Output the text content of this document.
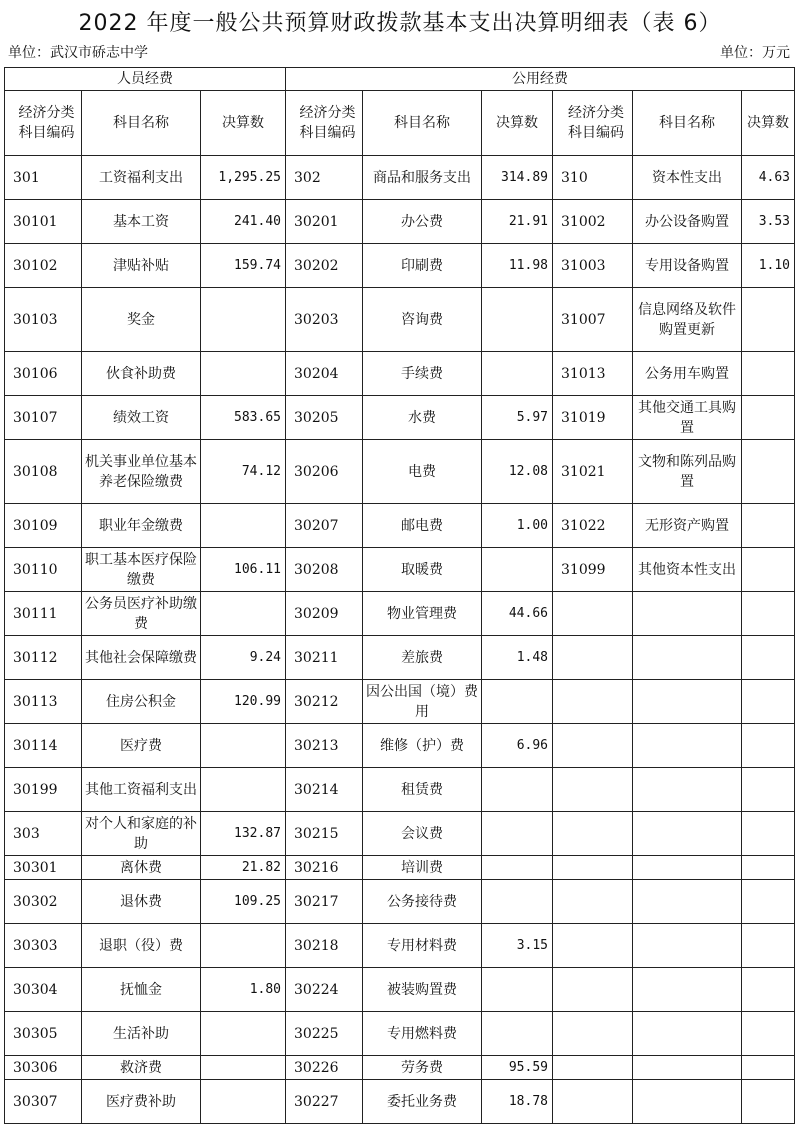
2022 年度一般公共预算财政拨款基本支出决算明细表（表 6）
单位：武汉市硚志中学	单位：万元
人员经费			公用经费					
经济分类科目编码	科目名称	决算数	经济分类科目编码	科目名称	决算数	经济分类科目编码	科目名称	决算数
301	工资福利支出	1,295.25	302	商品和服务支出	314.89	310	资本性支出	4.63
30101	基本工资	241.40	30201	办公费	21.91	31002	办公设备购置	3.53
30102	津贴补贴	159.74	30202	印刷费	11.98	31003	专用设备购置	1.10
30103	奖金		30203	咨询费		31007	信息网络及软件购置更新	
30106	伙食补助费		30204	手续费		31013	公务用车购置	
30107	绩效工资	583.65	30205	水费	5.97	31019	其他交通工具购置	
30108	机关事业单位基本养老保险缴费	74.12	30206	电费	12.08	31021	文物和陈列品购置	
30109	职业年金缴费		30207	邮电费	1.00	31022	无形资产购置	
30110	职工基本医疗保险缴费	106.11	30208	取暖费		31099	其他资本性支出	
30111	公务员医疗补助缴费		30209	物业管理费	44.66			
30112	其他社会保障缴费	9.24	30211	差旅费	1.48			
30113	住房公积金	120.99	30212	因公出国（境）费用				
30114	医疗费		30213	维修（护）费	6.96			
30199	其他工资福利支出		30214	租赁费				
303	对个人和家庭的补助	132.87	30215	会议费				
30301	离休费	21.82	30216	培训费				
30302	退休费	109.25	30217	公务接待费				
30303	退职（役）费		30218	专用材料费	3.15			
30304	抚恤金	1.80	30224	被装购置费				
30305	生活补助		30225	专用燃料费				
30306	救济费		30226	劳务费	95.59			
30307	医疗费补助		30227	委托业务费	18.78			
